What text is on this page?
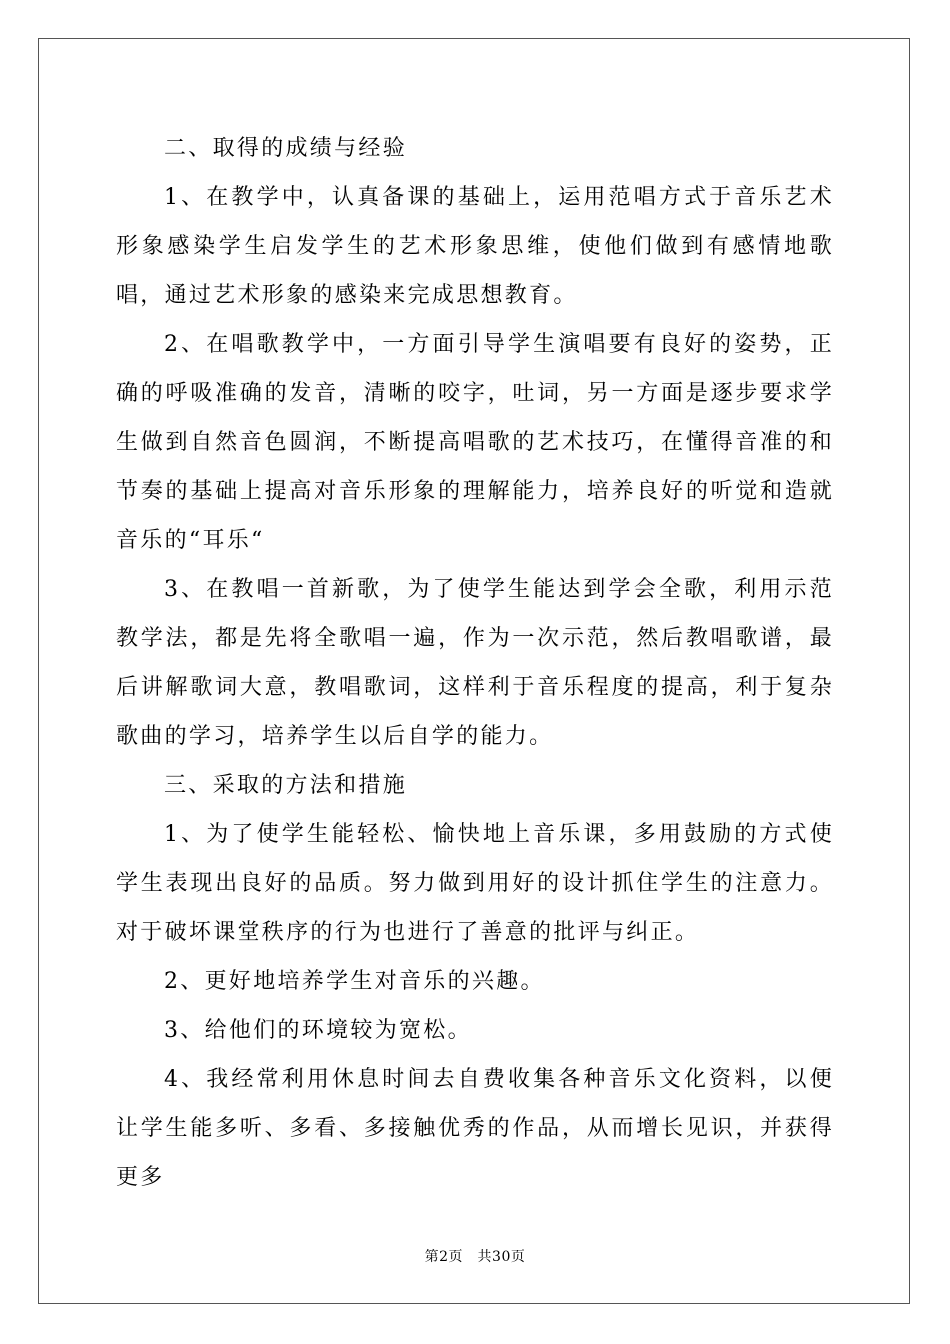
二、取得的成绩与经验

1、在教学中，认真备课的基础上，运用范唱方式于音乐艺术形象感染学生启发学生的艺术形象思维，使他们做到有感情地歌唱，通过艺术形象的感染来完成思想教育。

2、在唱歌教学中，一方面引导学生演唱要有良好的姿势，正确的呼吸准确的发音，清晰的咬字，吐词，另一方面是逐步要求学生做到自然音色圆润，不断提高唱歌的艺术技巧，在懂得音准的和节奏的基础上提高对音乐形象的理解能力，培养良好的听觉和造就音乐的“耳乐“

3、在教唱一首新歌，为了使学生能达到学会全歌，利用示范教学法，都是先将全歌唱一遍，作为一次示范，然后教唱歌谱，最后讲解歌词大意，教唱歌词，这样利于音乐程度的提高，利于复杂歌曲的学习，培养学生以后自学的能力。

三、采取的方法和措施

1、为了使学生能轻松、愉快地上音乐课，多用鼓励的方式使学生表现出良好的品质。努力做到用好的设计抓住学生的注意力。对于破坏课堂秩序的行为也进行了善意的批评与纠正。

2、更好地培养学生对音乐的兴趣。

3、给他们的环境较为宽松。

4、我经常利用休息时间去自费收集各种音乐文化资料，以便让学生能多听、多看、多接触优秀的作品，从而增长见识，并获得更多

第2页　共30页
